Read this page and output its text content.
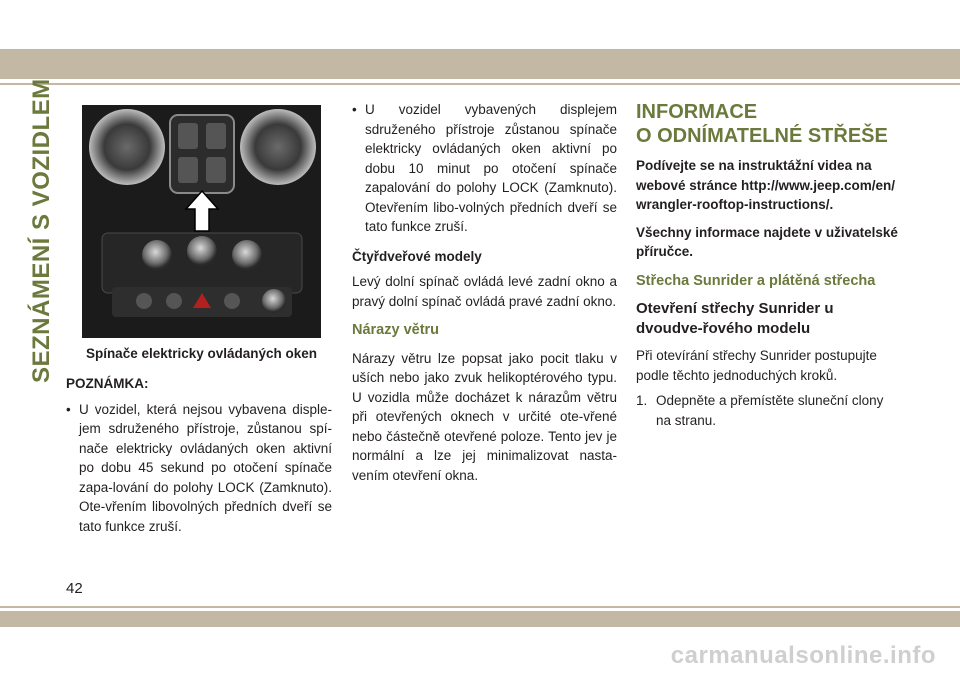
SEZNÁMENÍ S VOZIDLEM Spínače elektricky ovládaných oken
POZNÁMKA:
• U vozidel, která nejsou vybavena disple-jem sdruženého přístroje, zůstanou spí-nače elektricky ovládaných oken aktivní po dobu 45 sekund po otočení spínače zapa-lování do polohy LOCK (Zamknuto). Ote-vřením libovolných předních dveří se tato funkce zruší.
• U vozidel vybavených displejem sdruženého přístroje zůstanou spínače elektricky ovládaných oken aktivní po dobu 10 minut po otočení spínače zapalování do polohy LOCK (Zamknuto). Otevřením libo-volných předních dveří se tato funkce zruší.
Čtyřdveřové modely

Levý dolní spínač ovládá levé zadní okno a pravý dolní spínač ovládá pravé zadní okno.

Nárazy větru

Nárazy větru lze popsat jako pocit tlaku v uších nebo jako zvuk helikoptérového typu. U vozidla může docházet k nárazům větru při otevřených oknech v určité ote-vřené nebo částečně otevřené poloze. Tento jev je normální a lze jej minimalizovat nasta-vením otevření okna.

INFORMACE
O ODNÍMATELNÉ STŘEŠE

Podívejte se na instruktážní videa na webové stránce http://www.jeep.com/en/ wrangler-rooftop-instructions/.

Všechny informace najdete v uživatelské příručce.

Střecha Sunrider a plátěná střecha
Otevření střechy Sunrider u dvoudve-řového modelu

Při otevírání střechy Sunrider postupujte podle těchto jednoduchých kroků.

1. Odepněte a přemístěte sluneční clony na stranu.
42
carmanualsonline.info
